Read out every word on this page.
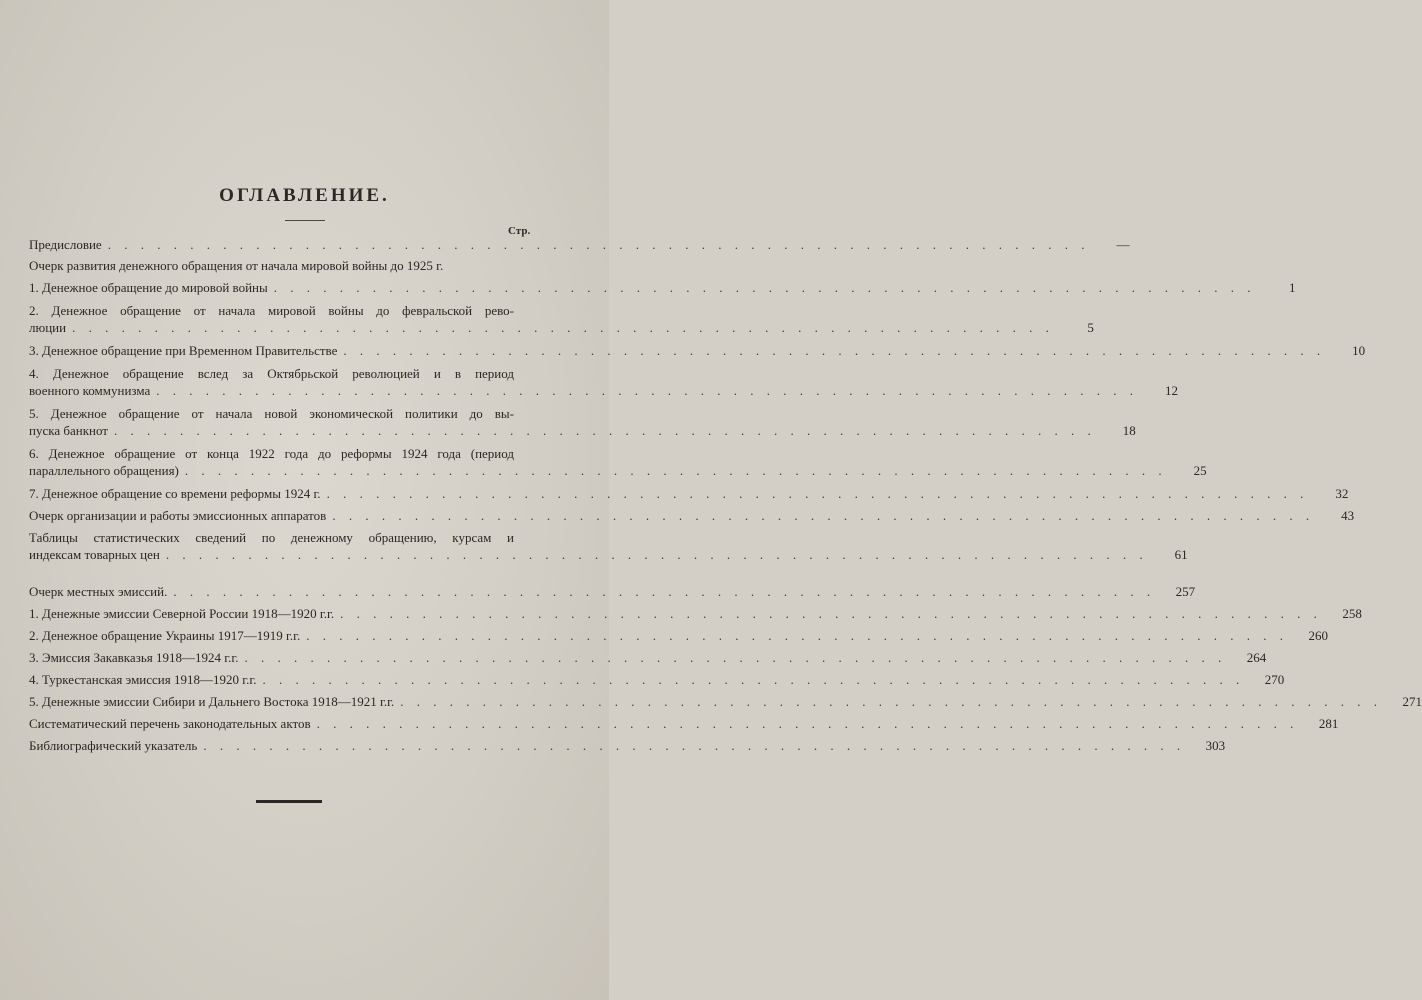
ОГЛАВЛЕНИЕ.
Стр.
Предисловие . . . . . . . . . . . . . . . . . . . . . . . . . . . . . . . . . . . . . . . . . . . . . . . . . . . . . . . . . . . .	—
Очерк развития денежного обращения от начала мировой войны до 1925 г.
1. Денежное обращение до мировой войны . . . . . . . . . . . . . . . . . . . . . . . . . . . . . . . . . . . . . . . . . . . . . . . . . . . . . . . . . . . .	1
2. Денежное обращение от начала мировой войны до февральской рево-
люции . . . . . . . . . . . . . . . . . . . . . . . . . . . . . . . . . . . . . . . . . . . . . . . . . . . . . . . . . . . .	5
3. Денежное обращение при Временном Правительстве . . . . . . . . . . . . . . . . . . . . . . . . . . . . . . . . . . . . . . . . . . . . . . . . . . . . . . . . . . . .	10
4. Денежное обращение вслед за Октябрьской революцией и в период
военного коммунизма . . . . . . . . . . . . . . . . . . . . . . . . . . . . . . . . . . . . . . . . . . . . . . . . . . . . . . . . . . . .	12
5. Денежное обращение от начала новой экономической политики до вы-
пуска банкнот . . . . . . . . . . . . . . . . . . . . . . . . . . . . . . . . . . . . . . . . . . . . . . . . . . . . . . . . . . . .	18
6. Денежное обращение от конца 1922 года до реформы 1924 года (период
параллельного обращения) . . . . . . . . . . . . . . . . . . . . . . . . . . . . . . . . . . . . . . . . . . . . . . . . . . . . . . . . . . . .	25
7. Денежное обращение со времени реформы 1924 г. . . . . . . . . . . . . . . . . . . . . . . . . . . . . . . . . . . . . . . . . . . . . . . . . . . . . . . . . . . . .	32
Очерк организации и работы эмиссионных аппаратов . . . . . . . . . . . . . . . . . . . . . . . . . . . . . . . . . . . . . . . . . . . . . . . . . . . . . . . . . . . .	43
Таблицы статистических сведений по денежному обращению, курсам и
индексам товарных цен . . . . . . . . . . . . . . . . . . . . . . . . . . . . . . . . . . . . . . . . . . . . . . . . . . . . . . . . . . . .	61
Очерк местных эмиссий. . . . . . . . . . . . . . . . . . . . . . . . . . . . . . . . . . . . . . . . . . . . . . . . . . . . . . . . . . . . .	257
1. Денежные эмиссии Северной России 1918—1920 г.г. . . . . . . . . . . . . . . . . . . . . . . . . . . . . . . . . . . . . . . . . . . . . . . . . . . . . . . . . . . . .	258
2. Денежное обращение Украины 1917—1919 г.г. . . . . . . . . . . . . . . . . . . . . . . . . . . . . . . . . . . . . . . . . . . . . . . . . . . . . . . . . . . . .	260
3. Эмиссия Закавказья 1918—1924 г.г. . . . . . . . . . . . . . . . . . . . . . . . . . . . . . . . . . . . . . . . . . . . . . . . . . . . . . . . . . . . .	264
4. Туркестанская эмиссия 1918—1920 г.г. . . . . . . . . . . . . . . . . . . . . . . . . . . . . . . . . . . . . . . . . . . . . . . . . . . . . . . . . . . . .	270
5. Денежные эмиссии Сибири и Дальнего Востока 1918—1921 г.г. . . . . . . . . . . . . . . . . . . . . . . . . . . . . . . . . . . . . . . . . . . . . . . . . . . . . . . . . . . . .	271
Систематический перечень законодательных актов . . . . . . . . . . . . . . . . . . . . . . . . . . . . . . . . . . . . . . . . . . . . . . . . . . . . . . . . . . . .	281
Библиографический указатель . . . . . . . . . . . . . . . . . . . . . . . . . . . . . . . . . . . . . . . . . . . . . . . . . . . . . . . . . . . .	303
